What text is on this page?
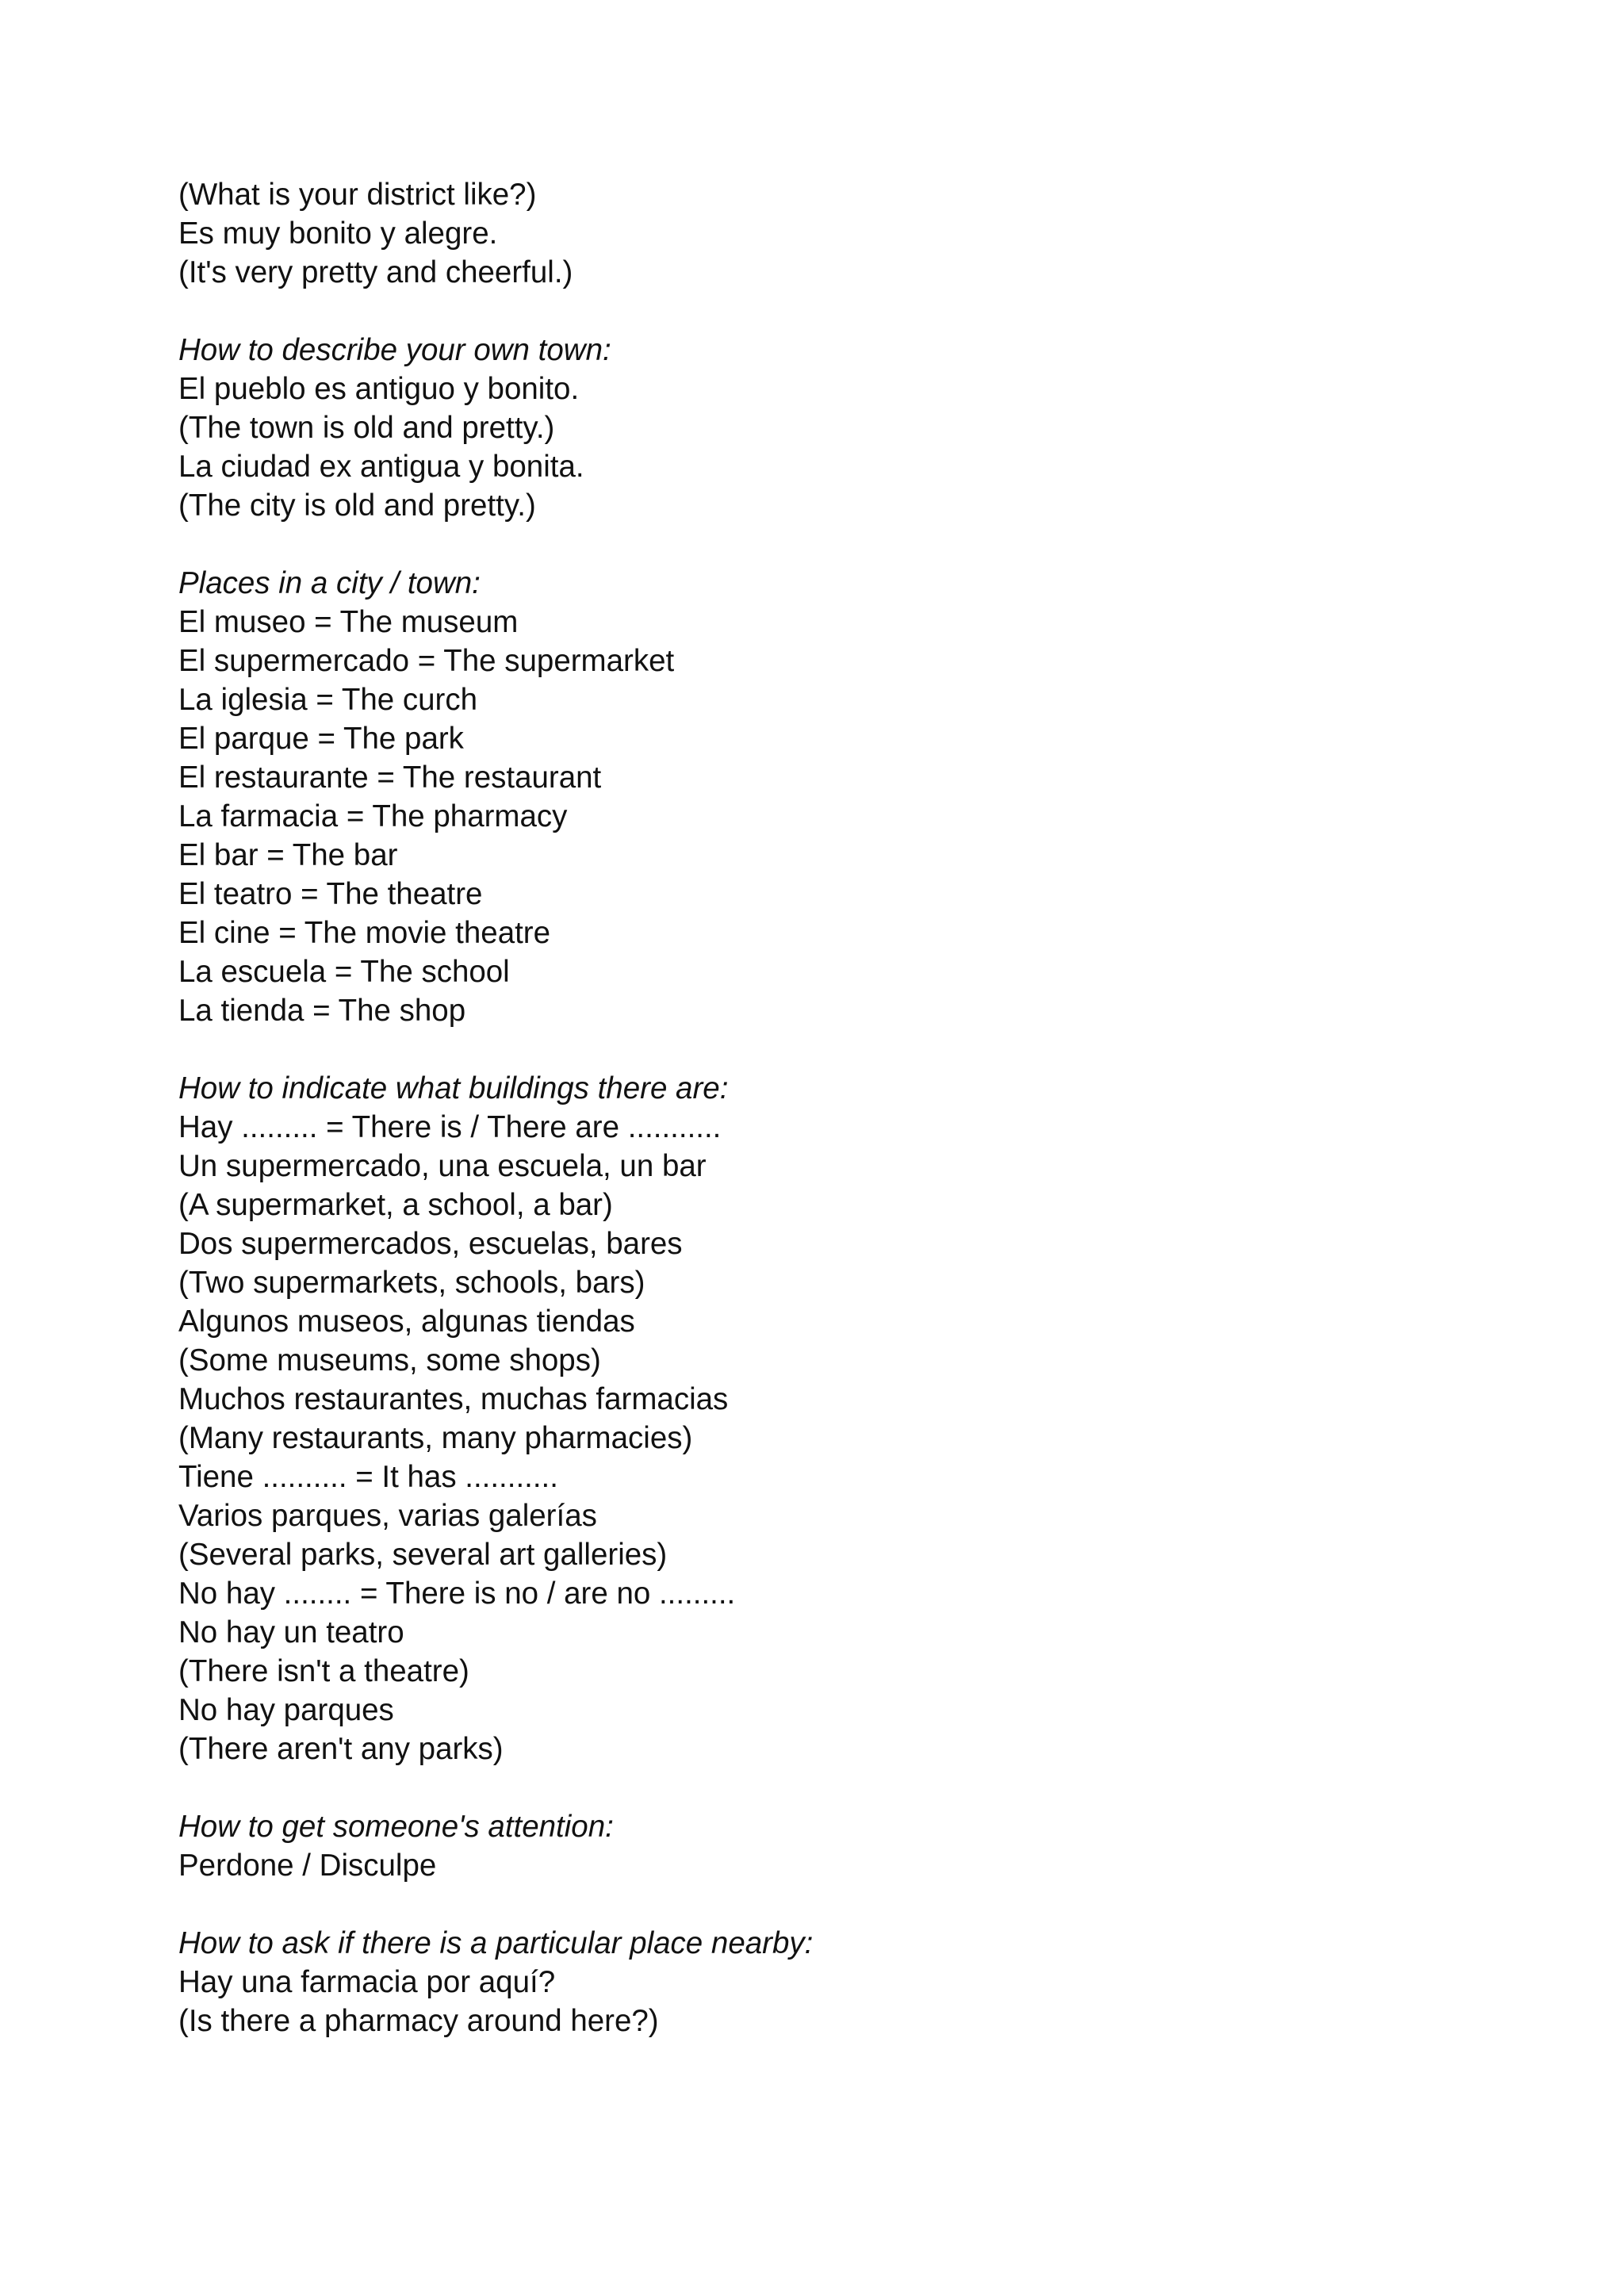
(What is your district like?)
Es muy bonito y alegre.
(It's very pretty and cheerful.)
How to describe your own town:
El pueblo es antiguo y bonito.
(The town is old and pretty.)
La ciudad ex antigua y bonita.
(The city is old and pretty.)
Places in a city / town:
El museo = The museum
El supermercado = The supermarket
La iglesia = The curch
El parque = The park
El restaurante = The restaurant
La farmacia = The pharmacy
El bar = The bar
El teatro = The theatre
El cine = The movie theatre
La escuela = The school
La tienda = The shop
How to indicate what buildings there are:
Hay ......... = There is / There are ...........
Un supermercado, una escuela, un bar
(A supermarket, a school, a bar)
Dos supermercados, escuelas, bares
(Two supermarkets, schools, bars)
Algunos museos, algunas tiendas
(Some museums, some shops)
Muchos restaurantes, muchas farmacias
(Many restaurants, many pharmacies)
Tiene .......... = It has ...........
Varios parques, varias galerías
(Several parks, several art galleries)
No hay ........ = There is no / are no .........
No hay un teatro
(There isn't a theatre)
No hay parques
(There aren't any parks)
How to get someone's attention:
Perdone / Disculpe
How to ask if there is a particular place nearby:
Hay una farmacia por aquí?
(Is there a pharmacy around here?)
